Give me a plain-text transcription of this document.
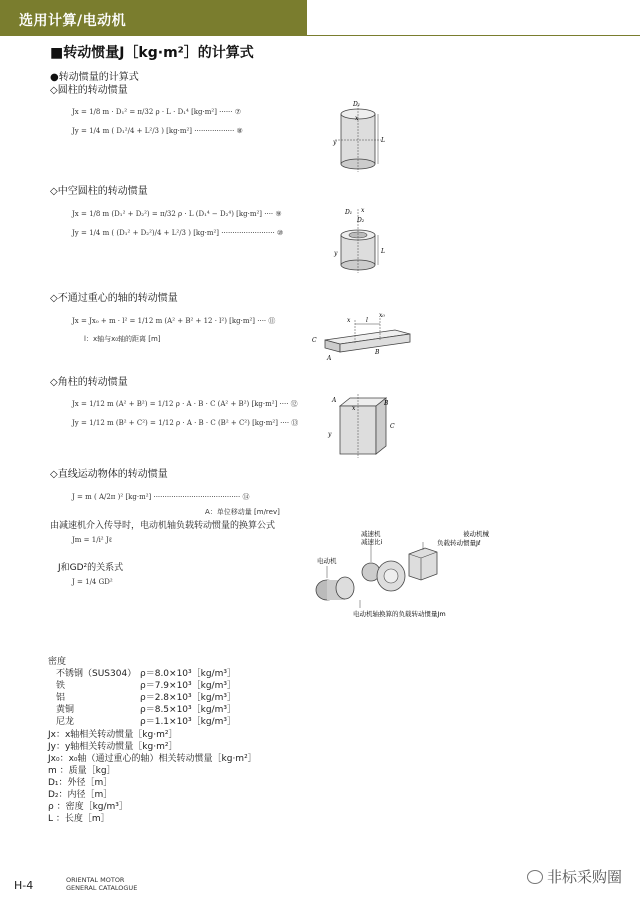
选用计算/电动机
■转动惯量J［kg·m²］的计算式
●转动惯量的计算式
◇圆柱的转动惯量
Jx = 1/8 m · D₁² = π/32 ρ · L · D₁⁴ [kg·m²] ······ ⑦
Jy = 1/4 m ( D₁²/4 + L²/3 ) [kg·m²] ·················· ⑧
D₁
x
y	L
◇中空圆柱的转动惯量
Jx = 1/8 m (D₁² + D₂²) = π/32 ρ · L (D₁⁴ − D₂⁴) [kg·m²] ···· ⑨
Jy = 1/4 m ( (D₁² + D₂²)/4 + L²/3 ) [kg·m²] ························ ⑩
D₁
D₂
x
y	L
◇不通过重心的轴的转动惯量
Jx = Jx₀ + m · l² = 1/12 m (A² + B² + 12 · l²) [kg·m²] ···· ⑪
l：x轴与x₀轴的距离 [m]
x
x₀
l
C
A
B
◇角柱的转动惯量
Jx = 1/12 m (A² + B²) = 1/12 ρ · A · B · C (A² + B²) [kg·m²] ···· ⑫
Jy = 1/12 m (B² + C²) = 1/12 ρ · A · B · C (B² + C²) [kg·m²] ···· ⑬
A	B
x
y
C
◇直线运动物体的转动惯量
J = m ( A/2π )² [kg·m²] ······································· ⑭
A：单位移动量 [m/rev]
由减速机介入传导时，电动机轴负载转动惯量的换算公式
Jm = 1/i² Jℓ
J和GD²的关系式
J = 1/4 GD²
电动机
减速机
减速比i
被动机械
负载转动惯量Jℓ
电动机轴换算的负载转动惯量Jm
密度
不锈钢（SUS304） ρ＝8.0×10³［kg/m³］
铁	ρ＝7.9×10³［kg/m³］
铝	ρ＝2.8×10³［kg/m³］
黄铜	ρ＝8.5×10³［kg/m³］
尼龙	ρ＝1.1×10³［kg/m³］
Jx：x轴相关转动惯量［kg·m²］
Jy：y轴相关转动惯量［kg·m²］
Jx₀：x₀轴（通过重心的轴）相关转动惯量［kg·m²］
m ：质量［kg］
D₁：外径［m］
D₂：内径［m］
ρ ：密度［kg/m³］
L ：长度［m］
H-4	ORIENTAL MOTOR
GENERAL CATALOGUE
非标采购圈
